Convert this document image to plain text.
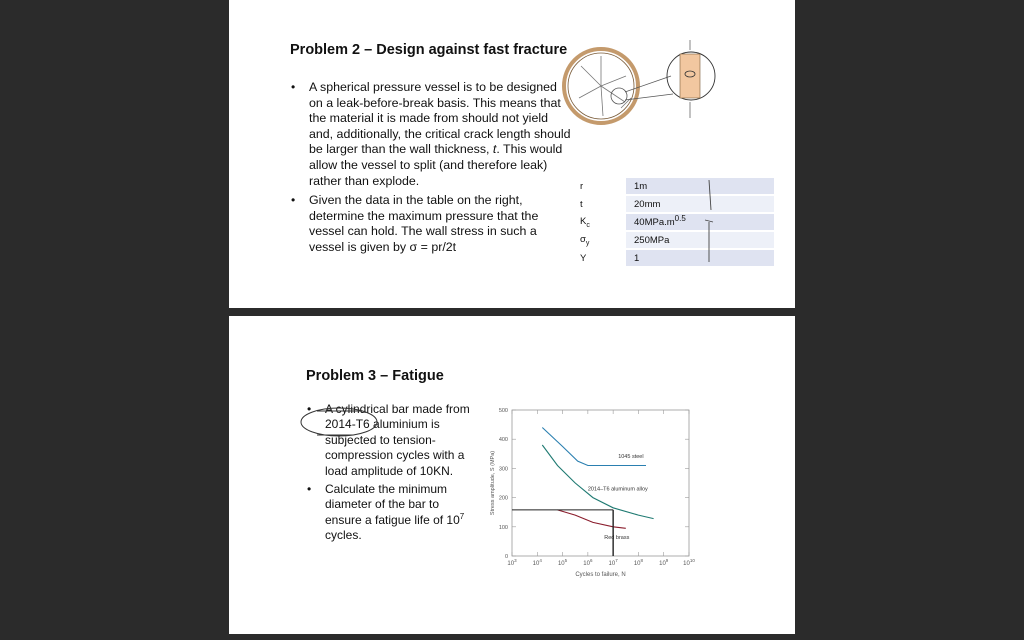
Problem 2 – Design against fast fracture
• A spherical pressure vessel is to be designed on a leak-before-break basis. This means that the material it is made from should not yield and, additionally, the critical crack length should be larger than the wall thickness, t. This would allow the vessel to split (and therefore leak) rather than explode.
• Given the data in the table on the right, determine the maximum pressure that the vessel can hold. The wall stress in such a vessel is given by σ = pr/2t
r	1m
t	20mm
$K_c$	$40MPa.m^{0.5}$
$\sigma_y$	250MPa
Y	1
Problem 3 – Fatigue
• A cylindrical bar made from 2014-T6 aluminium is subjected to tension-compression cycles with a load amplitude of 10KN.
• Calculate the minimum diameter of the bar to ensure a fatigue life of $10^7$ cycles.
0
100
200
300
400
500
$10^3$
$10^4$
$10^5$
$10^6$
$10^7$
$10^8$
$10^9$
$10^{10}$
Cycles to failure, N
Stress amplitude, S (MPa)	1045 steel
2014–T6 aluminum alloy
Red brass
